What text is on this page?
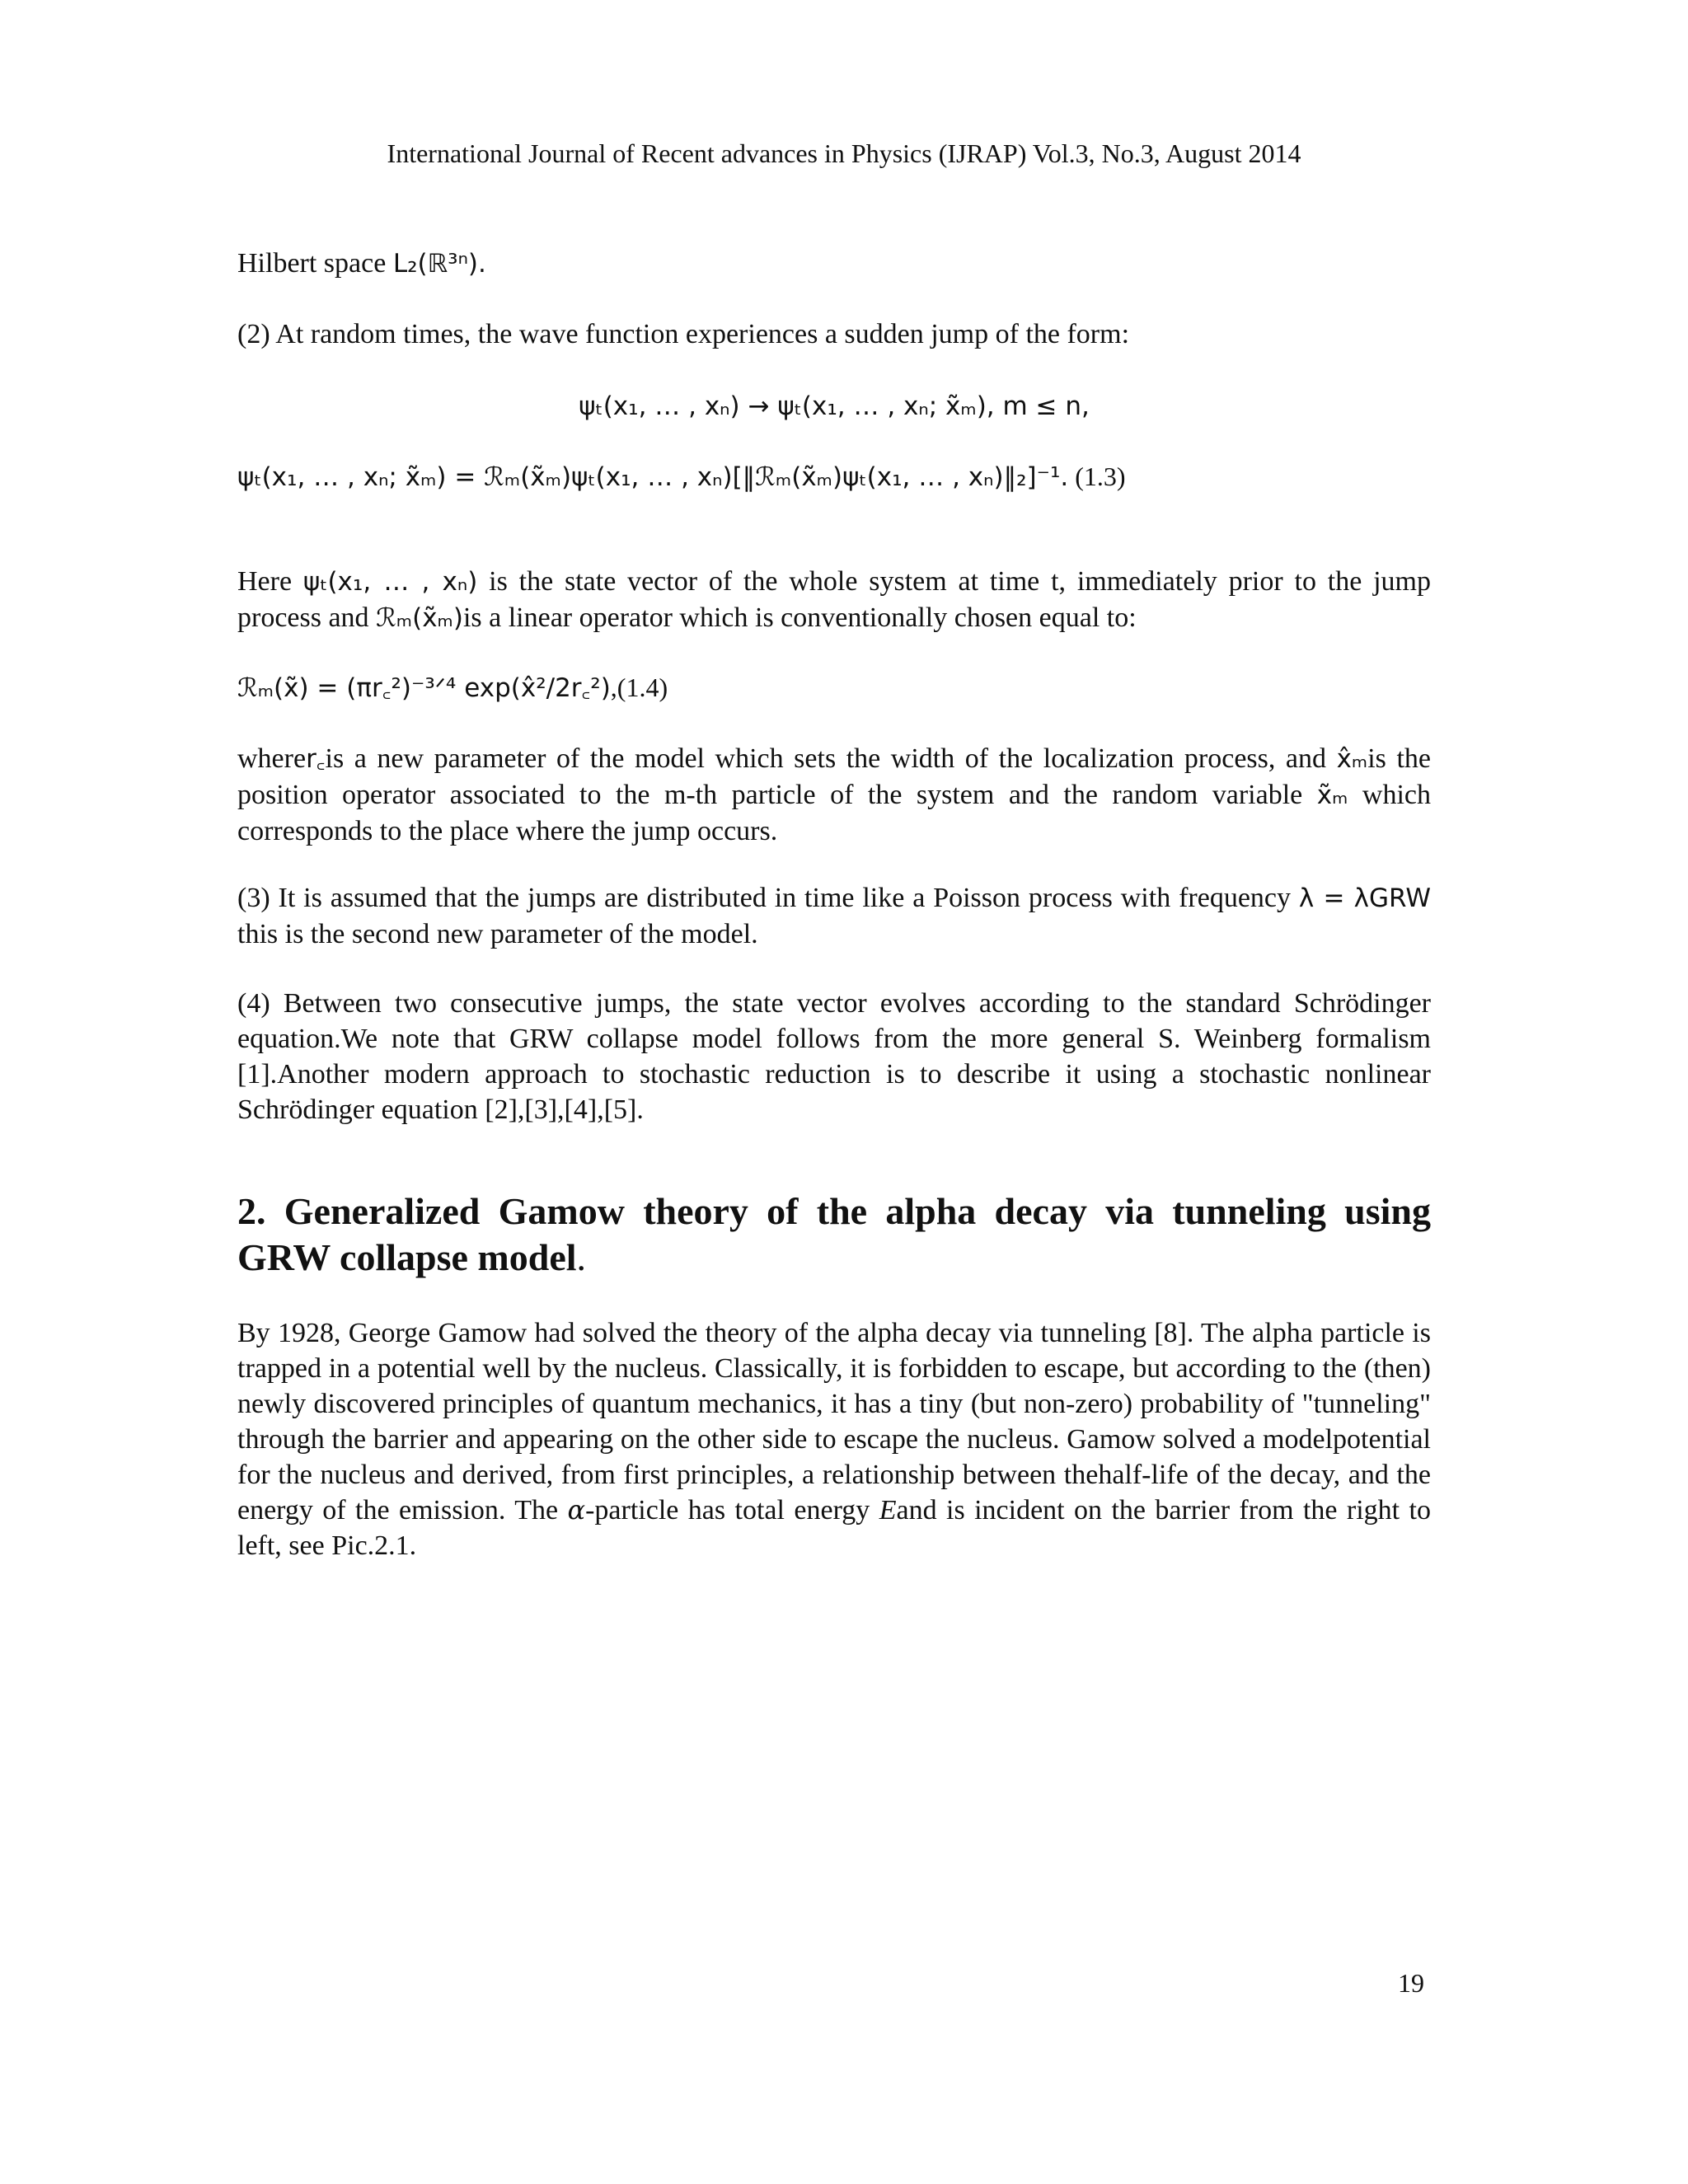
International Journal of Recent advances in Physics (IJRAP) Vol.3, No.3, August 2014

Hilbert space L₂(ℝ³ⁿ).

(2) At random times, the wave function experiences a sudden jump of the form:

ψₜ(x₁, … , xₙ) → ψₜ(x₁, … , xₙ; x̃ₘ), m ≤ n,
ψₜ(x₁, … , xₙ; x̃ₘ) = ℛₘ(x̃ₘ)ψₜ(x₁, … , xₙ)[‖ℛₘ(x̃ₘ)ψₜ(x₁, … , xₙ)‖₂]⁻¹. (1.3)

Here ψₜ(x₁, … , xₙ) is the state vector of the whole system at time t, immediately prior to the jump process and ℛₘ(x̃ₘ)is a linear operator which is conventionally chosen equal to:

ℛₘ(x̃) = (πr꜀²)⁻³ᐟ⁴ exp(x̂²/2r꜀²),(1.4)

wherer꜀is a new parameter of the model which sets the width of the localization process, and x̂ₘis the position operator associated to the m-th particle of the system and the random variable x̃ₘ which corresponds to the place where the jump occurs.

(3) It is assumed that the jumps are distributed in time like a Poisson process with frequency λ = λGRW this is the second new parameter of the model.

(4) Between two consecutive jumps, the state vector evolves according to the standard Schrödinger equation.We note that GRW collapse model follows from the more general S. Weinberg formalism [1].Another modern approach to stochastic reduction is to describe it using a stochastic nonlinear Schrödinger equation [2],[3],[4],[5].

2. Generalized Gamow theory of the alpha decay via tunneling using GRW collapse model.

By 1928, George Gamow had solved the theory of the alpha decay via tunneling [8]. The alpha particle is trapped in a potential well by the nucleus. Classically, it is forbidden to escape, but according to the (then) newly discovered principles of quantum mechanics, it has a tiny (but non-zero) probability of "tunneling" through the barrier and appearing on the other side to escape the nucleus. Gamow solved a modelpotential for the nucleus and derived, from first principles, a relationship between thehalf-life of the decay, and the energy of the emission. The α-particle has total energy Eand is incident on the barrier from the right to left, see Pic.2.1.

19
